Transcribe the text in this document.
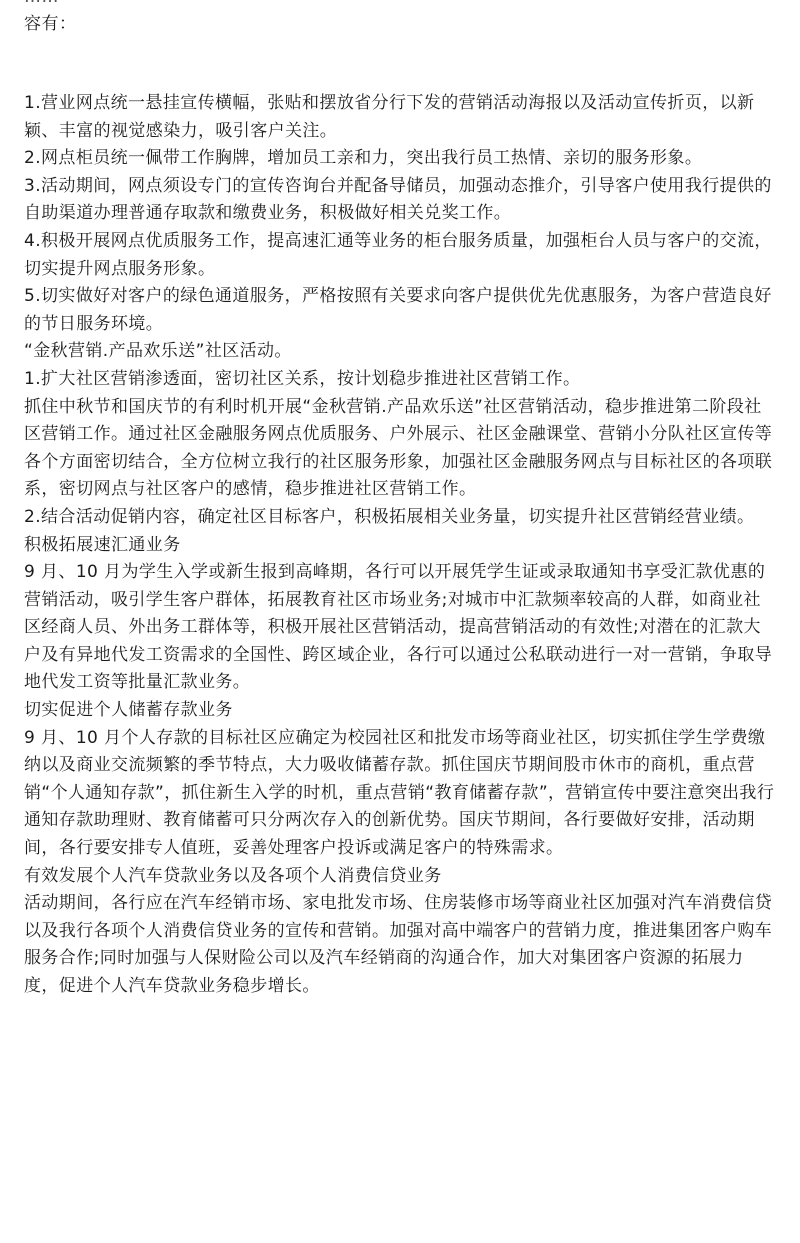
容有：

1.营业网点统一悬挂宣传横幅，张贴和摆放省分行下发的营销活动海报以及活动宣传折页，以新颖、丰富的视觉感染力，吸引客户关注。

2.网点柜员统一佩带工作胸牌，增加员工亲和力，突出我行员工热情、亲切的服务形象。

3.活动期间，网点须设专门的宣传咨询台并配备导储员，加强动态推介，引导客户使用我行提供的自助渠道办理普通存取款和缴费业务，积极做好相关兑奖工作。

4.积极开展网点优质服务工作，提高速汇通等业务的柜台服务质量，加强柜台人员与客户的交流，切实提升网点服务形象。

5.切实做好对客户的绿色通道服务，严格按照有关要求向客户提供优先优惠服务，为客户营造良好的节日服务环境。

“金秋营销.产品欢乐送”社区活动。

1.扩大社区营销渗透面，密切社区关系，按计划稳步推进社区营销工作。

抓住中秋节和国庆节的有利时机开展“金秋营销.产品欢乐送”社区营销活动，稳步推进第二阶段社区营销工作。通过社区金融服务网点优质服务、户外展示、社区金融课堂、营销小分队社区宣传等各个方面密切结合，全方位树立我行的社区服务形象，加强社区金融服务网点与目标社区的各项联系，密切网点与社区客户的感情，稳步推进社区营销工作。

2.结合活动促销内容，确定社区目标客户，积极拓展相关业务量，切实提升社区营销经营业绩。

积极拓展速汇通业务

9 月、10 月为学生入学或新生报到高峰期，各行可以开展凭学生证或录取通知书享受汇款优惠的营销活动，吸引学生客户群体，拓展教育社区市场业务;对城市中汇款频率较高的人群，如商业社区经商人员、外出务工群体等，积极开展社区营销活动，提高营销活动的有效性;对潜在的汇款大户及有异地代发工资需求的全国性、跨区域企业，各行可以通过公私联动进行一对一营销，争取导地代发工资等批量汇款业务。

切实促进个人储蓄存款业务

9 月、10 月个人存款的目标社区应确定为校园社区和批发市场等商业社区，切实抓住学生学费缴纳以及商业交流频繁的季节特点，大力吸收储蓄存款。抓住国庆节期间股市休市的商机，重点营销“个人通知存款”，抓住新生入学的时机，重点营销“教育储蓄存款”，营销宣传中要注意突出我行通知存款助理财、教育储蓄可只分两次存入的创新优势。国庆节期间，各行要做好安排，活动期间，各行要安排专人值班，妥善处理客户投诉或满足客户的特殊需求。

有效发展个人汽车贷款业务以及各项个人消费信贷业务

活动期间，各行应在汽车经销市场、家电批发市场、住房装修市场等商业社区加强对汽车消费信贷以及我行各项个人消费信贷业务的宣传和营销。加强对高中端客户的营销力度，推进集团客户购车服务合作;同时加强与人保财险公司以及汽车经销商的沟通合作，加大对集团客户资源的拓展力度，促进个人汽车贷款业务稳步增长。
